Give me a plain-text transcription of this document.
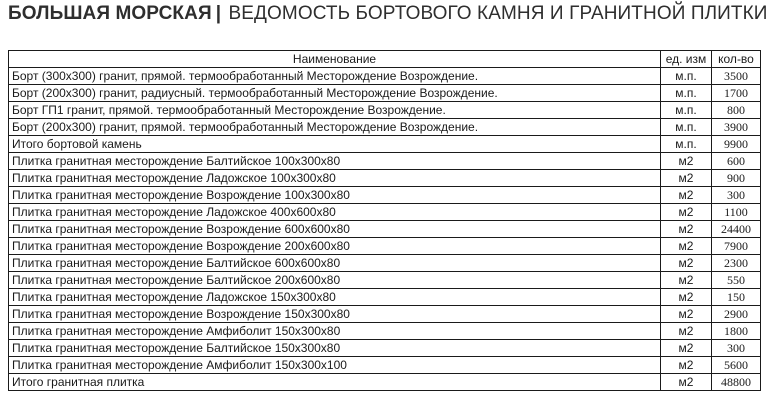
БОЛЬШАЯ МОРСКАЯ | ВЕДОМОСТЬ БОРТОВОГО КАМНЯ И ГРАНИТНОЙ ПЛИТКИ
Наименование	ед. изм	кол-во
Борт (300х300) гранит, прямой. термообработанный Месторождение Возрождение.	м.п.	3500
Борт (200х300) гранит, радиусный. термообработанный Месторождение Возрождение.	м.п.	1700
Борт ГП1 гранит, прямой. термообработанный Месторождение Возрождение.	м.п.	800
Борт (200х300) гранит, прямой. термообработанный Месторождение Возрождение.	м.п.	3900
Итого бортовой камень	м.п.	9900
Плитка гранитная месторождение Балтийское 100х300х80	м2	600
Плитка гранитная месторождение Ладожское 100х300х80	м2	900
Плитка гранитная месторождение Возрождение 100х300х80	м2	300
Плитка гранитная месторождение Ладожское 400х600х80	м2	1100
Плитка гранитная месторождение Возрождение 600х600х80	м2	24400
Плитка гранитная месторождение Возрождение 200х600х80	м2	7900
Плитка гранитная месторождение Балтийское 600х600х80	м2	2300
Плитка гранитная месторождение Балтийское 200х600х80	м2	550
Плитка гранитная месторождение Ладожское 150х300х80	м2	150
Плитка гранитная месторождение Возрождение 150х300х80	м2	2900
Плитка гранитная месторождение Амфиболит 150х300х80	м2	1800
Плитка гранитная месторождение Балтийское 150х300х80	м2	300
Плитка гранитная месторождение Амфиболит 150х300х100	м2	5600
Итого гранитная плитка	м2	48800
